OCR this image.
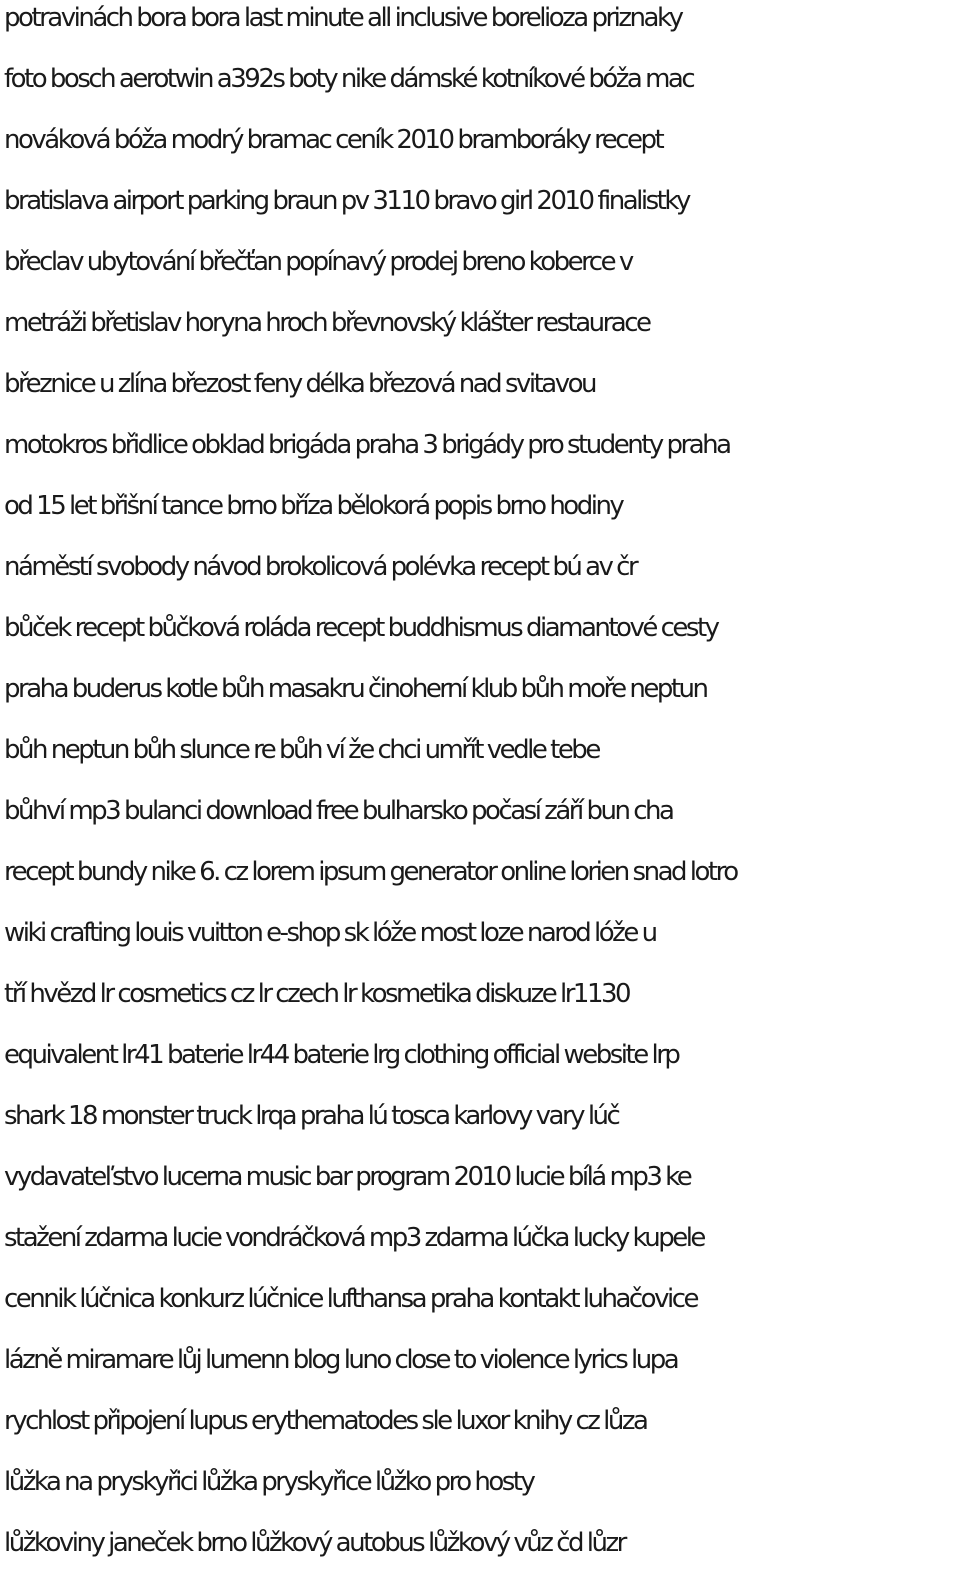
potravinách bora bora last minute all inclusive borelioza priznaky
foto bosch aerotwin a392s boty nike dámské kotníkové bóža mac
nováková bóža modrý bramac ceník 2010 bramboráky recept
bratislava airport parking braun pv 3110 bravo girl 2010 finalistky
břeclav ubytování břečťan popínavý prodej breno koberce v
metráži břetislav horyna hroch břevnovský klášter restaurace
březnice u zlína březost feny délka březová nad svitavou
motokros břidlice obklad brigáda praha 3 brigády pro studenty praha
od 15 let břišní tance brno bříza bělokorá popis brno hodiny
náměstí svobody návod brokolicová polévka recept bú av čr
bůček recept bůčková roláda recept buddhismus diamantové cesty
praha buderus kotle bůh masakru činoherní klub bůh moře neptun
bůh neptun bůh slunce re bůh ví že chci umřít vedle tebe
bůhví mp3 bulanci download free bulharsko počasí září bun cha
recept bundy nike 6. cz lorem ipsum generator online lorien snad lotro
wiki crafting louis vuitton e-shop sk lóže most loze narod lóže u
tří hvězd lr cosmetics cz lr czech lr kosmetika diskuze lr1130
equivalent lr41 baterie lr44 baterie lrg clothing official website lrp
shark 18 monster truck lrqa praha lú tosca karlovy vary lúč
vydavateľstvo lucerna music bar program 2010 lucie bílá mp3 ke
stažení zdarma lucie vondráčková mp3 zdarma lúčka lucky kupele
cennik lúčnica konkurz lúčnice lufthansa praha kontakt luhačovice
lázně miramare lůj lumenn blog luno close to violence lyrics lupa
rychlost připojení lupus erythematodes sle luxor knihy cz lůza
lůžka na pryskyřici lůžka pryskyřice lůžko pro hosty
lůžkoviny janeček brno lůžkový autobus lůžkový vůz čd lůzr
